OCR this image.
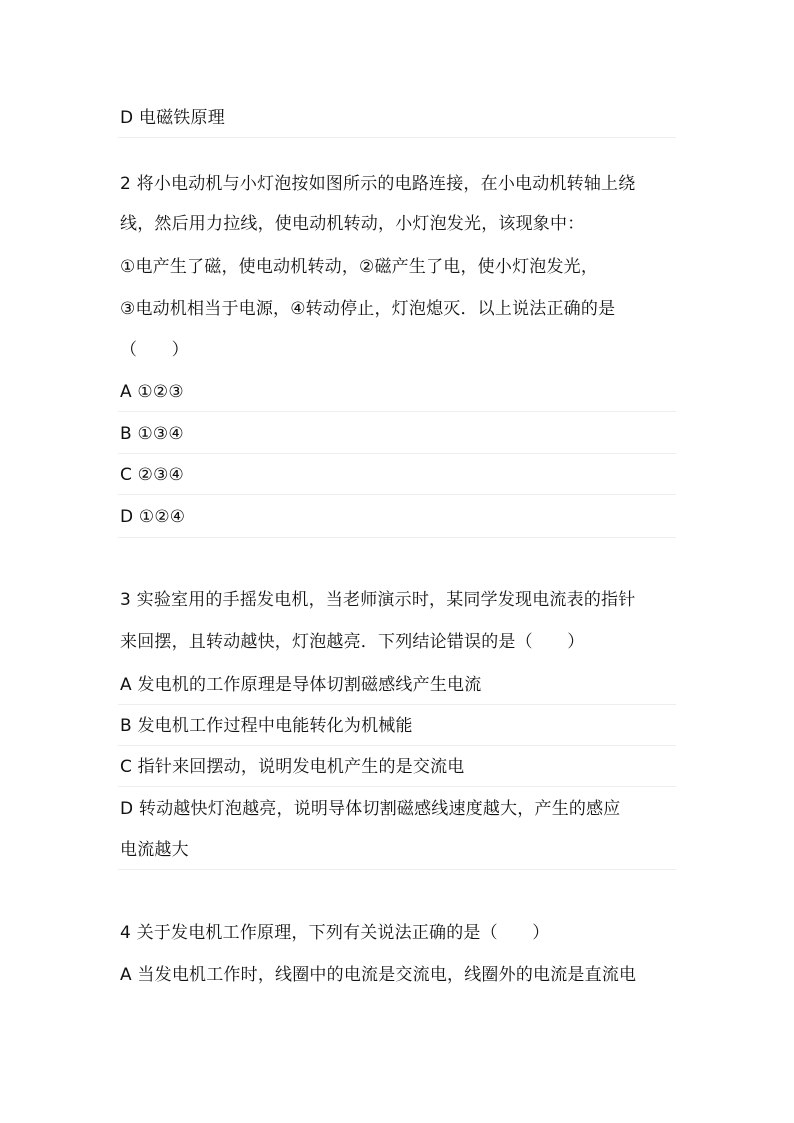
D 电磁铁原理
2 将小电动机与小灯泡按如图所示的电路连接，在小电动机转轴上绕
线，然后用力拉线，使电动机转动，小灯泡发光，该现象中：
①电产生了磁，使电动机转动，②磁产生了电，使小灯泡发光，
③电动机相当于电源，④转动停止，灯泡熄灭．以上说法正确的是
（　　）
A ①②③
B ①③④
C ②③④
D ①②④
3 实验室用的手摇发电机，当老师演示时，某同学发现电流表的指针
来回摆，且转动越快，灯泡越亮．下列结论错误的是（　　）
A 发电机的工作原理是导体切割磁感线产生电流
B 发电机工作过程中电能转化为机械能
C 指针来回摆动，说明发电机产生的是交流电
D 转动越快灯泡越亮，说明导体切割磁感线速度越大，产生的感应
电流越大
4 关于发电机工作原理，下列有关说法正确的是（　　）
A 当发电机工作时，线圈中的电流是交流电，线圈外的电流是直流电
